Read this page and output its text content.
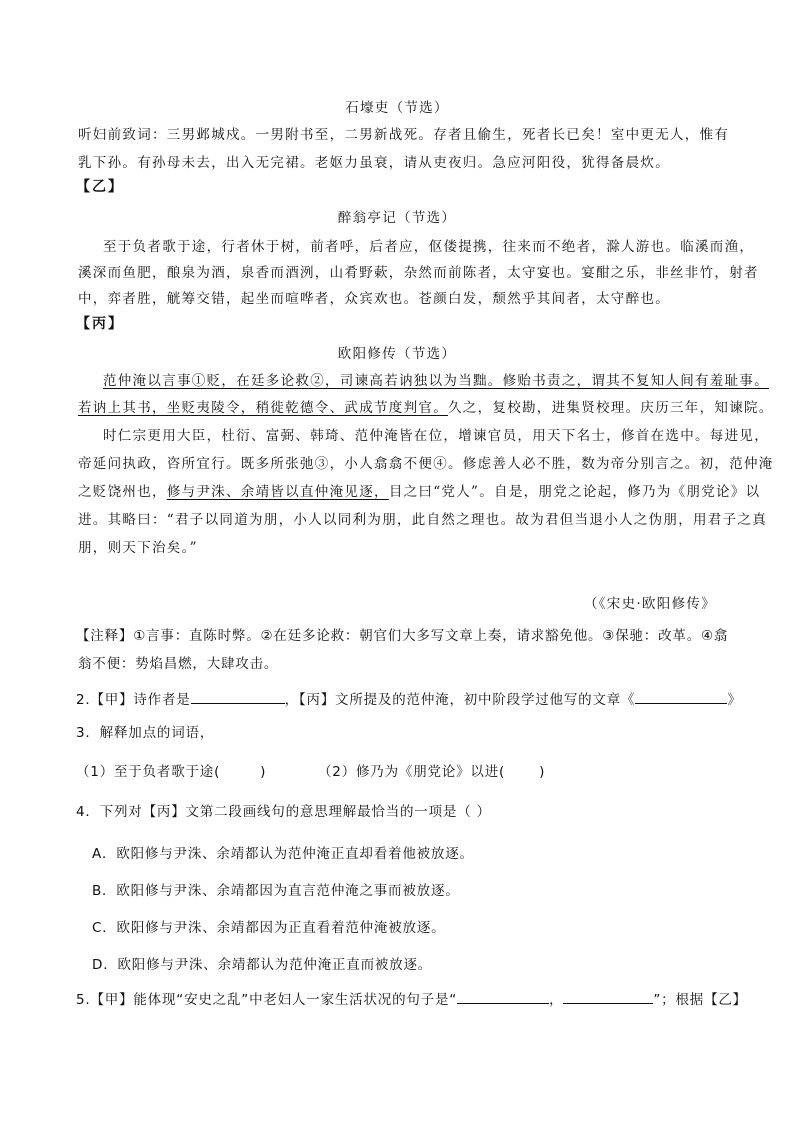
石壕吏（节选）
听妇前致词：三男邺城戍。一男附书至，二男新战死。存者且偷生，死者长已矣！室中更无人，惟有
乳下孙。有孙母未去，出入无完裙。老妪力虽衰，请从吏夜归。急应河阳役，犹得备晨炊。
【乙】
醉翁亭记（节选）
至于负者歌于途，行者休于树，前者呼，后者应，伛偻提携，往来而不绝者，滁人游也。临溪而渔，
溪深而鱼肥，酿泉为酒，泉香而酒洌，山肴野蔌，杂然而前陈者，太守宴也。宴酣之乐，非丝非竹，射者
中，弈者胜，觥筹交错，起坐而喧哗者，众宾欢也。苍颜白发，颓然乎其间者，太守醉也。
【丙】
欧阳修传（节选）
范仲淹以言事①贬，在廷多论救②，司谏高若讷独以为当黜。修贻书责之，谓其不复知人间有羞耻事。
若讷上其书，坐贬夷陵令，稍徙乾德令、武成节度判官。久之，复校勘，进集贤校理。庆历三年，知谏院。
时仁宗更用大臣，杜衍、富弼、韩琦、范仲淹皆在位，增谏官员，用天下名士，修首在选中。每进见，
帝延问执政，咨所宜行。既多所张弛③，小人翕翕不便④。修虑善人必不胜，数为帝分别言之。初，范仲淹
之贬饶州也，修与尹洙、余靖皆以直仲淹见逐，目之曰“党人”。自是，朋党之论起，修乃为《朋党论》以
进。其略曰：“君子以同道为朋，小人以同利为朋，此自然之理也。故为君但当退小人之伪朋，用君子之真
朋，则天下治矣。”
（《宋史·欧阳修传》
【注释】①言事：直陈时弊。②在廷多论救：朝官们大多写文章上奏，请求豁免他。③保驰：改革。④翕
翁不便：势焰昌燃，大肆攻击。
2.【甲】诗作者是	，【丙】文所提及的范仲淹，初中阶段学过他写的文章《	》
3．解释加点的词语，
（1）至于负者歌于途(	)	（2）修乃为《朋党论》以进(	)
4．下列对【丙】文第二段画线句的意思理解最恰当的一项是（ ）
A．欧阳修与尹洙、余靖都认为范仲淹正直却看着他被放逐。
B．欧阳修与尹洙、余靖都因为直言范仲淹之事而被放逐。
C．欧阳修与尹洙、余靖都因为正直看着范仲淹被放逐。
D．欧阳修与尹洙、余靖都认为范仲淹正直而被放逐。
5.【甲】能体现“安史之乱”中老妇人一家生活状况的句子是“	，	”；根据【乙】
